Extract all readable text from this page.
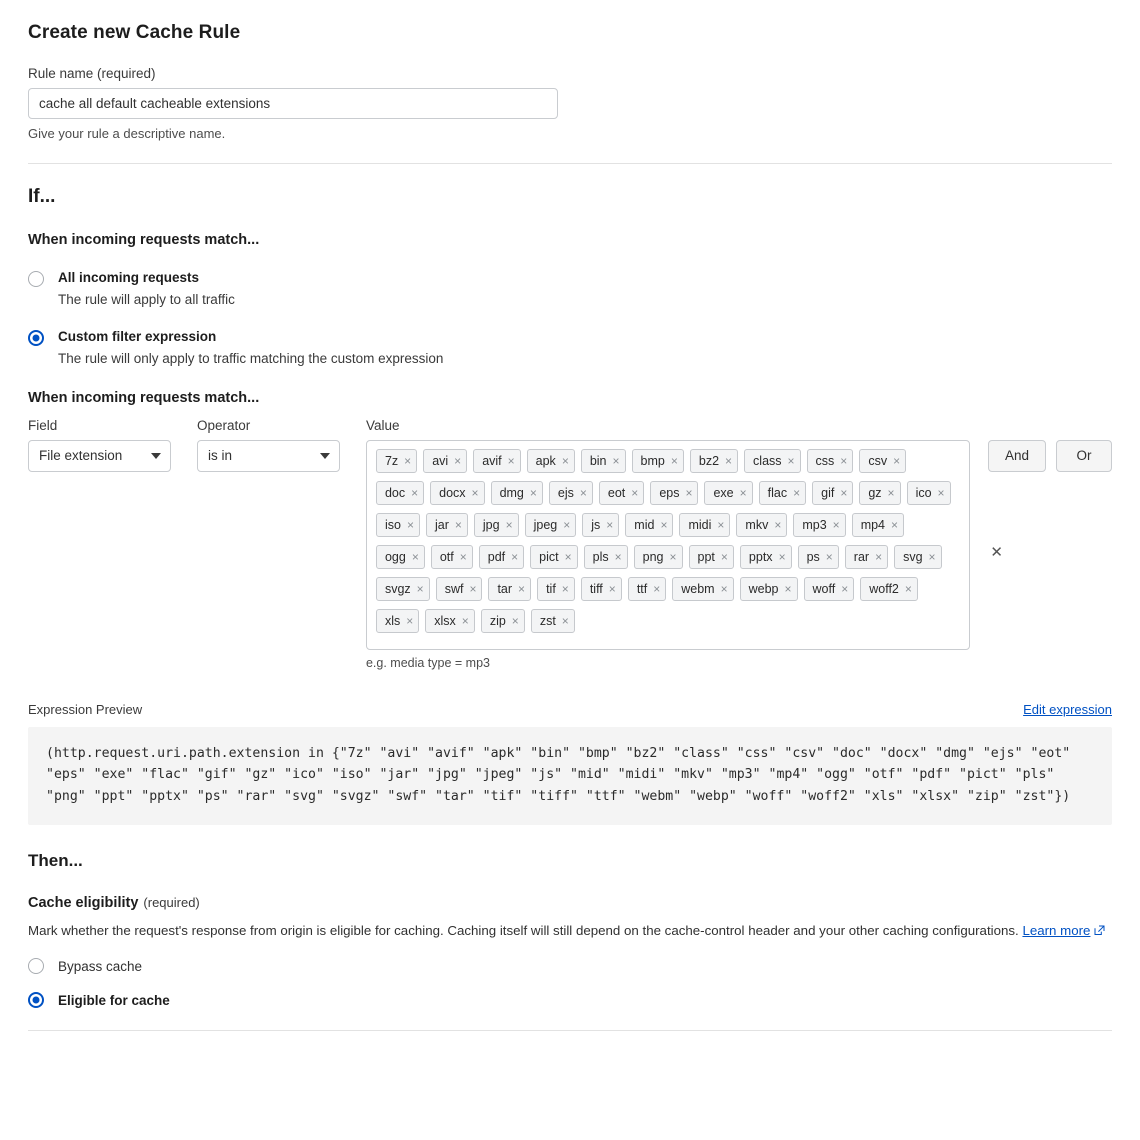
Create new Cache Rule
Rule name (required)
cache all default cacheable extensions
Give your rule a descriptive name.
If...
When incoming requests match...
All incoming requests
The rule will apply to all traffic
Custom filter expression
The rule will only apply to traffic matching the custom expression
When incoming requests match...
Field
File extension
Operator
is in
Value
7z × avi × avif × apk × bin × bmp × bz2 × class × css × csv ×
doc × docx × dmg × ejs × eot × eps × exe × flac × gif × gz × ico ×
iso × jar × jpg × jpeg × js × mid × midi × mkv × mp3 × mp4 ×
ogg × otf × pdf × pict × pls × png × ppt × pptx × ps × rar × svg ×
svgz × swf × tar × tif × tiff × ttf × webm × webp × woff × woff2 ×
xls × xlsx × zip × zst ×
✕
e.g. media type = mp3
And	Or
Expression Preview	Edit expression
(http.request.uri.path.extension in {"7z" "avi" "avif" "apk" "bin" "bmp" "bz2" "class" "css" "csv" "doc" "docx" "dmg" "ejs" "eot" "eps" "exe" "flac" "gif" "gz" "ico" "iso" "jar" "jpg" "jpeg" "js" "mid" "midi" "mkv" "mp3" "mp4" "ogg" "otf" "pdf" "pict" "pls" "png" "ppt" "pptx" "ps" "rar" "svg" "svgz" "swf" "tar" "tif" "tiff" "ttf" "webm" "webp" "woff" "woff2" "xls" "xlsx" "zip" "zst"})
Then...
Cache eligibility (required)
Mark whether the request's response from origin is eligible for caching. Caching itself will still depend on the cache-control header and your other caching configurations. Learn more
Bypass cache
Eligible for cache
